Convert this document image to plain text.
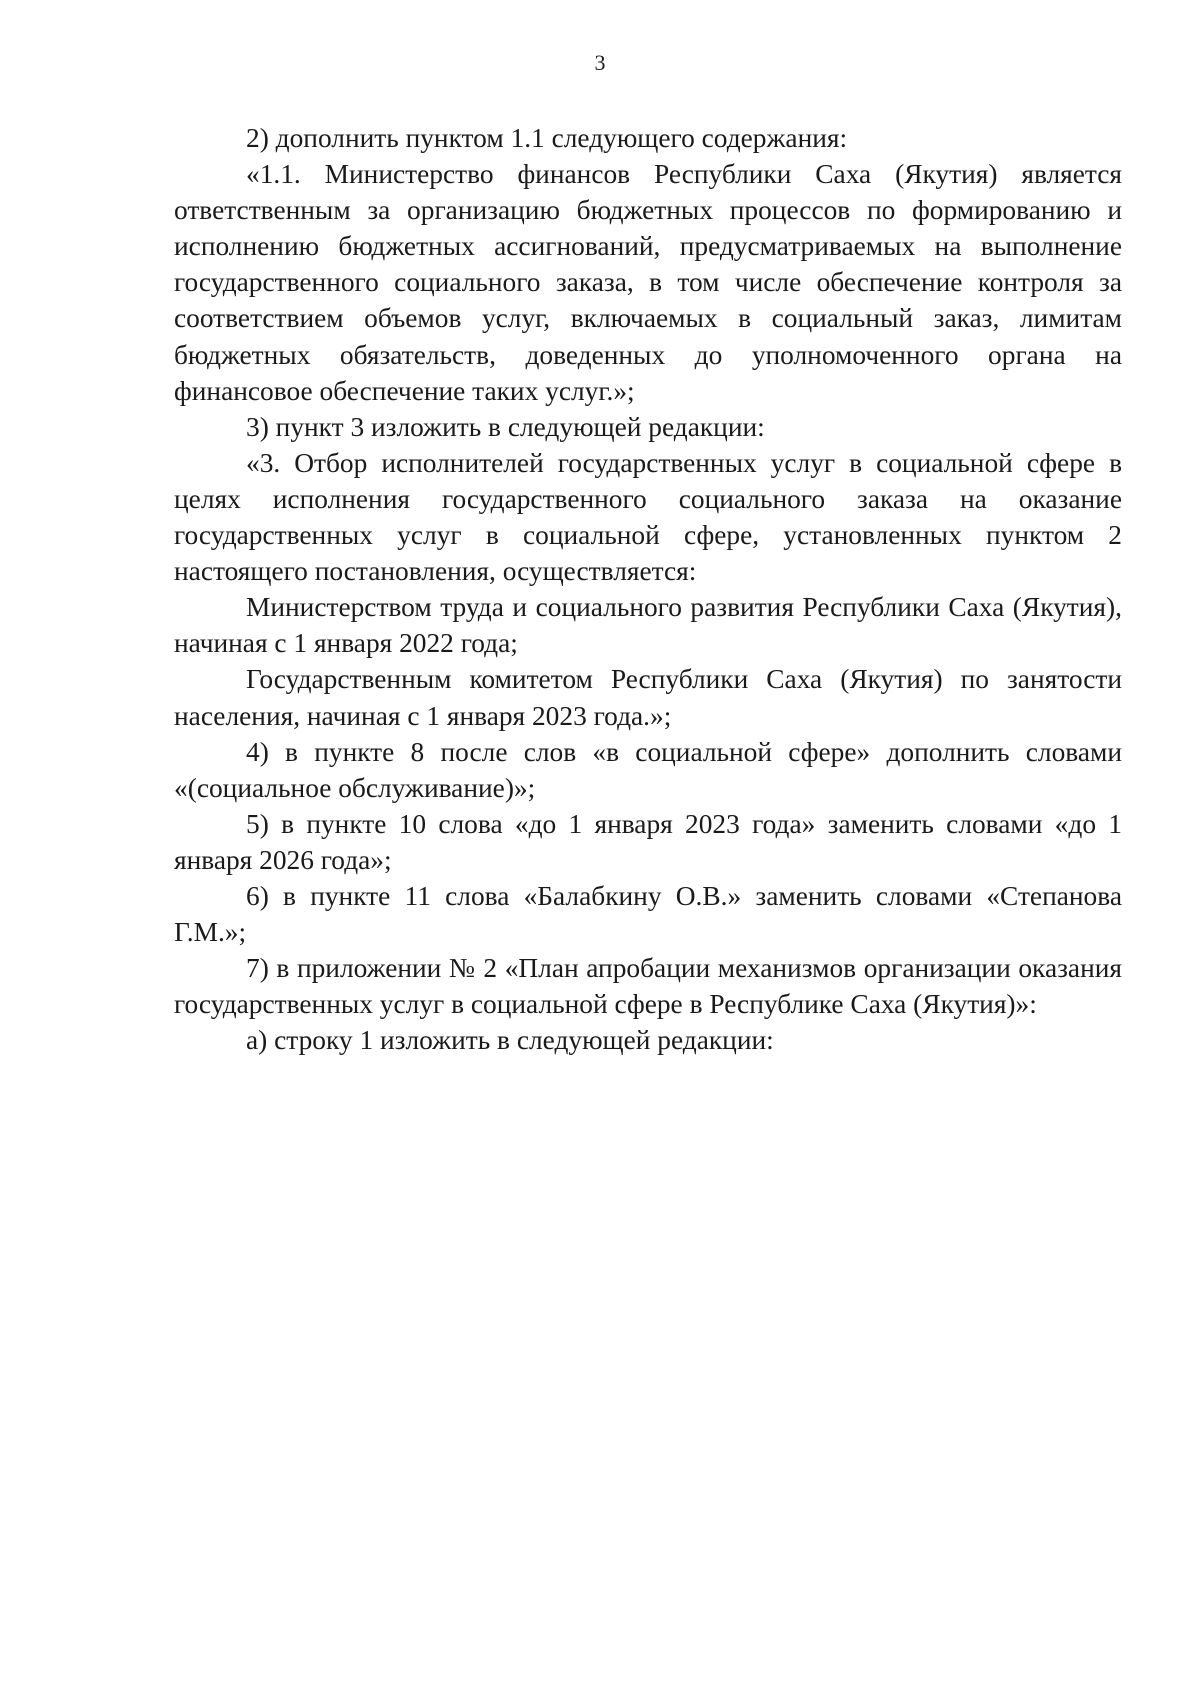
3

2) дополнить пунктом 1.1 следующего содержания:

«1.1. Министерство финансов Республики Саха (Якутия) является ответственным за организацию бюджетных процессов по формированию и исполнению бюджетных ассигнований, предусматриваемых на выполнение государственного социального заказа, в том числе обеспечение контроля за соответствием объемов услуг, включаемых в социальный заказ, лимитам бюджетных обязательств, доведенных до уполномоченного органа на финансовое обеспечение таких услуг.»;

3) пункт 3 изложить в следующей редакции:

«3. Отбор исполнителей государственных услуг в социальной сфере в целях исполнения государственного социального заказа на оказание государственных услуг в социальной сфере, установленных пунктом 2 настоящего постановления, осуществляется:

Министерством труда и социального развития Республики Саха (Якутия), начиная с 1 января 2022 года;

Государственным комитетом Республики Саха (Якутия) по занятости населения, начиная с 1 января 2023 года.»;

4) в пункте 8 после слов «в социальной сфере» дополнить словами «(социальное обслуживание)»;

5) в пункте 10 слова «до 1 января 2023 года» заменить словами «до 1 января 2026 года»;

6) в пункте 11 слова «Балабкину О.В.» заменить словами «Степанова Г.М.»;

7) в приложении № 2 «План апробации механизмов организации оказания государственных услуг в социальной сфере в Республике Саха (Якутия)»:

а) строку 1 изложить в следующей редакции:
